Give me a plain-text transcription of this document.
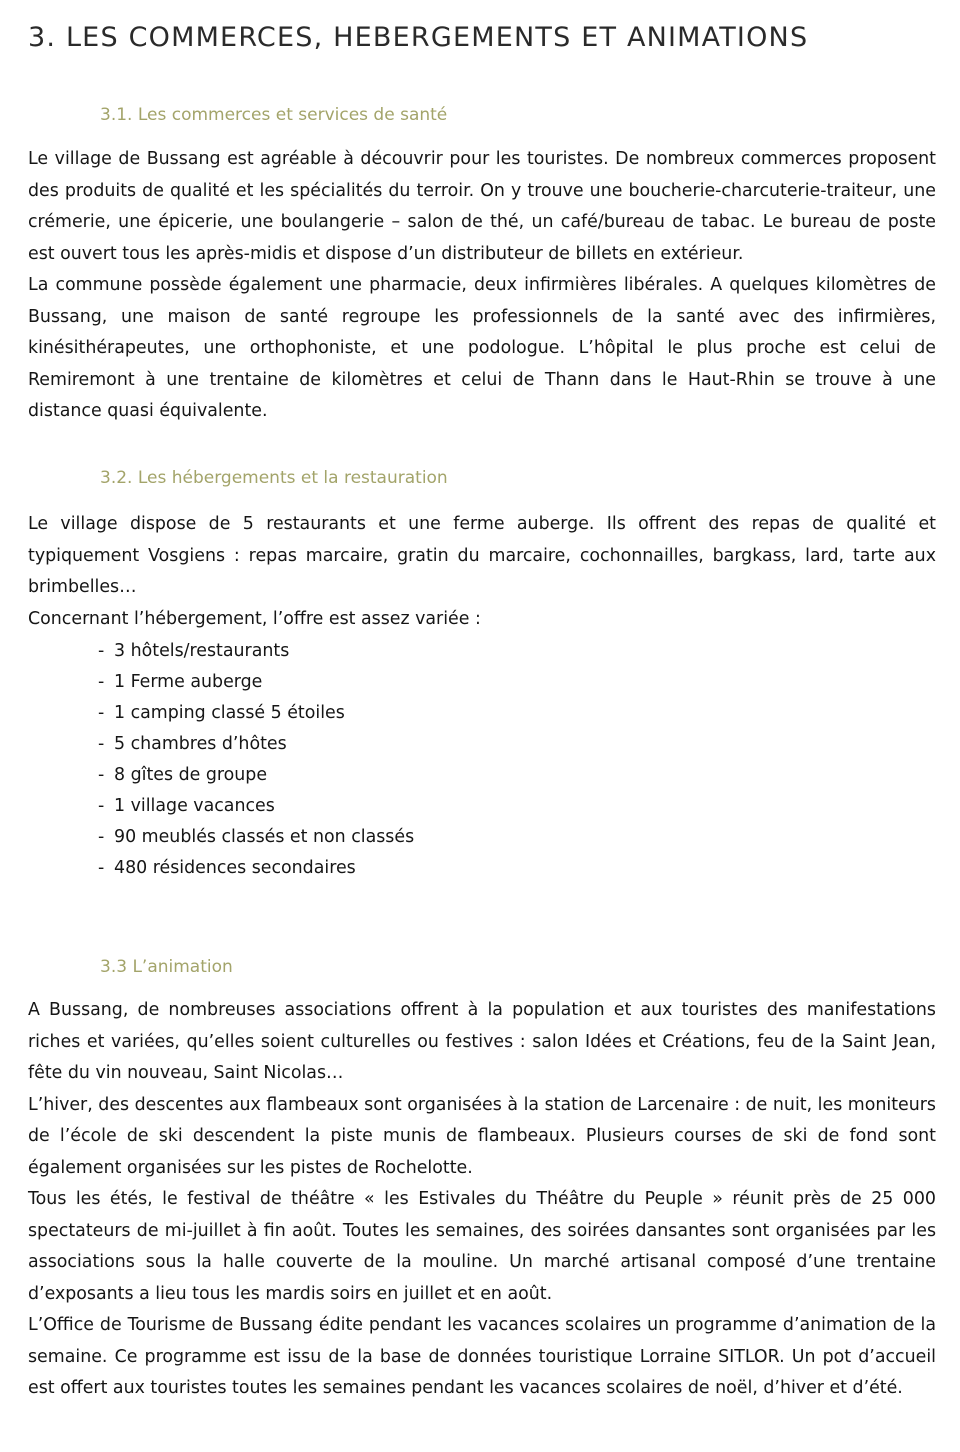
3. LES COMMERCES, HEBERGEMENTS ET ANIMATIONS
3.1. Les commerces et services de santé

Le village de Bussang est agréable à découvrir pour les touristes. De nombreux commerces proposent des produits de qualité et les spécialités du terroir. On y trouve une boucherie-charcuterie-traiteur, une crémerie, une épicerie, une boulangerie – salon de thé, un café/bureau de tabac. Le bureau de poste est ouvert tous les après-midis et dispose d’un distributeur de billets en extérieur.

La commune possède également une pharmacie, deux infirmières libérales. A quelques kilomètres de Bussang, une maison de santé regroupe les professionnels de la santé avec des infirmières, kinésithérapeutes, une orthophoniste, et une podologue. L’hôpital le plus proche est celui de Remiremont à une trentaine de kilomètres et celui de Thann dans le Haut-Rhin se trouve à une distance quasi équivalente.

3.2. Les hébergements et la restauration

Le village dispose de 5 restaurants et une ferme auberge. Ils offrent des repas de qualité et typiquement Vosgiens : repas marcaire, gratin du marcaire, cochonnailles, bargkass, lard, tarte aux brimbelles…

Concernant l’hébergement, l’offre est assez variée :

- 3 hôtels/restaurants
- 1 Ferme auberge
- 1 camping classé 5 étoiles
- 5 chambres d’hôtes
- 8 gîtes de groupe
- 1 village vacances
- 90 meublés classés et non classés
- 480 résidences secondaires
3.3 L’animation

A Bussang, de nombreuses associations offrent à la population et aux touristes des manifestations riches et variées, qu’elles soient culturelles ou festives : salon Idées et Créations, feu de la Saint Jean, fête du vin nouveau, Saint Nicolas…

L’hiver, des descentes aux flambeaux sont organisées à la station de Larcenaire : de nuit, les moniteurs de l’école de ski descendent la piste munis de flambeaux. Plusieurs courses de ski de fond sont également organisées sur les pistes de Rochelotte.

Tous les étés, le festival de théâtre « les Estivales du Théâtre du Peuple » réunit près de 25 000 spectateurs de mi-juillet à fin août. Toutes les semaines, des soirées dansantes sont organisées par les associations sous la halle couverte de la mouline. Un marché artisanal composé d’une trentaine d’exposants a lieu tous les mardis soirs en juillet et en août.

L’Office de Tourisme de Bussang édite pendant les vacances scolaires un programme d’animation de la semaine. Ce programme est issu de la base de données touristique Lorraine SITLOR. Un pot d’accueil est offert aux touristes toutes les semaines pendant les vacances scolaires de noël, d’hiver et d’été.
